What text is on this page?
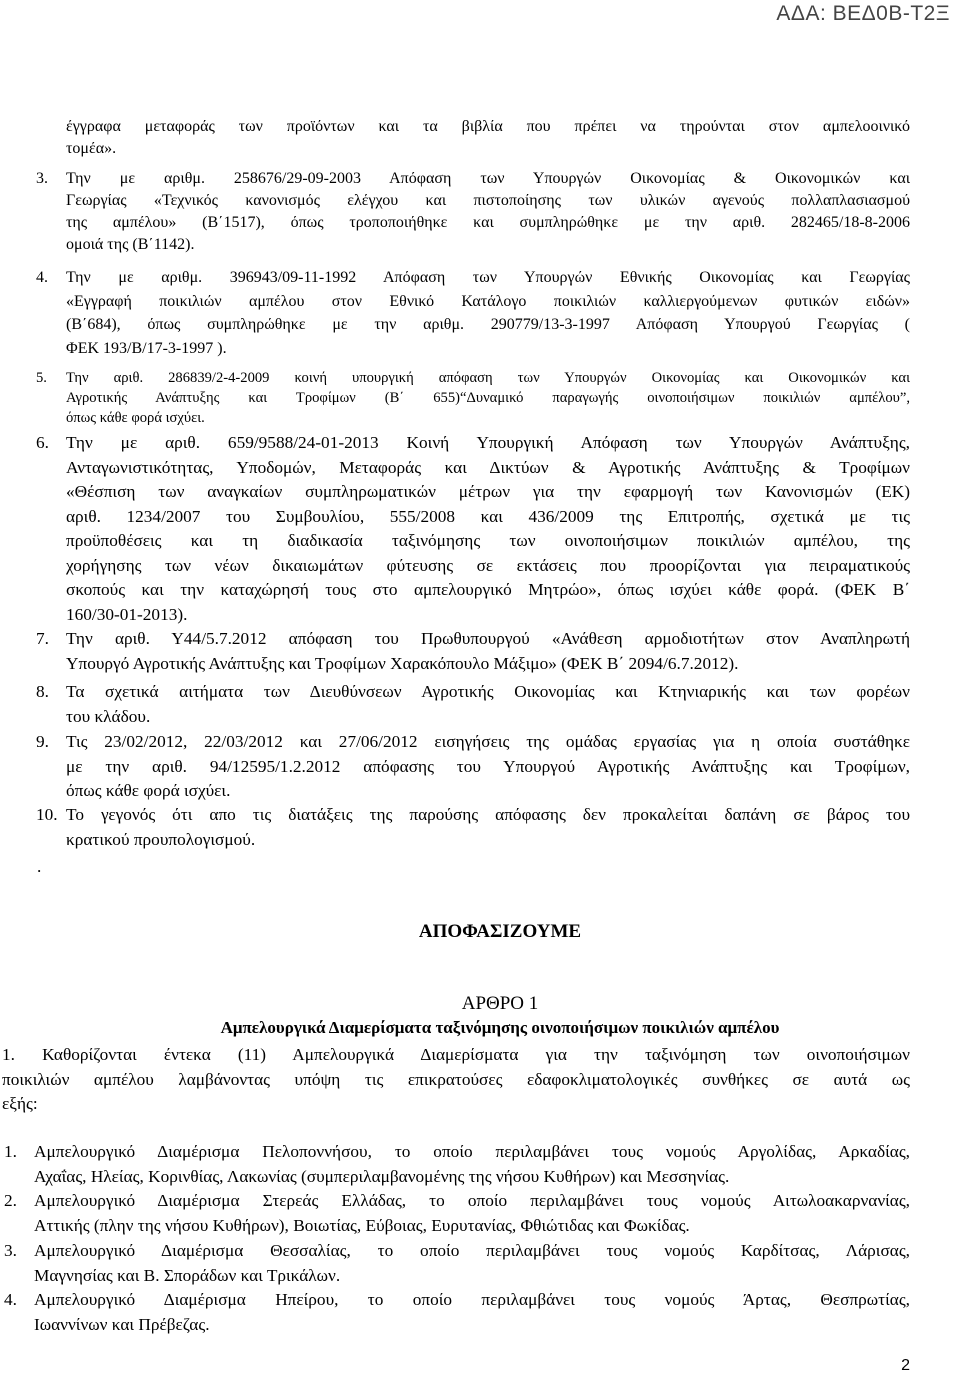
ΑΔΑ: ΒΕΔ0Β-Τ2Ξ
έγγραφα μεταφοράς των προϊόντων και τα βιβλία που πρέπει να τηρούνται στον αμπελοοινικό
τομέα».
3. Την με αριθμ. 258676/29-09-2003 Απόφαση των Υπουργών Οικονομίας & Οικονομικών και
Γεωργίας «Τεχνικός κανονισμός ελέγχου και πιστοποίησης των υλικών αγενούς πολλαπλασιασμού
της αμπέλου» (Β΄1517), όπως τροποποιήθηκε και συμπληρώθηκε με την αριθ. 282465/18-8-2006
ομοιά της (Β΄1142).
4. Την με αριθμ. 396943/09-11-1992 Απόφαση των Υπουργών Εθνικής Οικονομίας και Γεωργίας
«Εγγραφή ποικιλιών αμπέλου στον Εθνικό Κατάλογο ποικιλιών καλλιεργούμενων φυτικών ειδών»
(Β΄684), όπως συμπληρώθηκε με την αριθμ. 290779/13-3-1997 Απόφαση Υπουργού Γεωργίας (
ΦΕΚ 193/Β/17-3-1997 ).
5. Την αριθ. 286839/2-4-2009 κοινή υπουργική απόφαση των Υπουργών Οικονομίας και Οικονομικών και
Αγροτικής Ανάπτυξης και Τροφίμων (Β΄ 655)“Δυναμικό παραγωγής οινοποιήσιμων ποικιλιών αμπέλου”,
όπως κάθε φορά ισχύει.
6. Την με αριθ. 659/9588/24-01-2013 Κοινή Υπουργική Απόφαση των Υπουργών Ανάπτυξης,
Ανταγωνιστικότητας, Υποδομών, Μεταφοράς και Δικτύων & Αγροτικής Ανάπτυξης & Τροφίμων
«Θέσπιση των αναγκαίων συμπληρωματικών μέτρων για την εφαρμογή των Κανονισμών (ΕΚ)
αριθ. 1234/2007 του Συμβουλίου, 555/2008 και 436/2009 της Επιτροπής, σχετικά με τις
προϋποθέσεις και τη διαδικασία ταξινόμησης των οινοποιήσιμων ποικιλιών αμπέλου, της
χορήγησης των νέων δικαιωμάτων φύτευσης σε εκτάσεις που προορίζονται για πειραματικούς
σκοπούς και την καταχώρησή τους στο αμπελουργικό Μητρώο», όπως ισχύει κάθε φορά. (ΦΕΚ Β΄
160/30-01-2013).
7. Την αριθ. Υ44/5.7.2012 απόφαση του Πρωθυπουργού «Ανάθεση αρμοδιοτήτων στον Αναπληρωτή
Υπουργό Αγροτικής Ανάπτυξης και Τροφίμων Χαρακόπουλο Μάξιμο» (ΦΕΚ Β΄ 2094/6.7.2012).
8. Τα σχετικά αιτήματα των Διευθύνσεων Αγροτικής Οικονομίας και Κτηνιαρικής και των φορέων
του κλάδου.
9. Τις 23/02/2012, 22/03/2012 και 27/06/2012 εισηγήσεις της ομάδας εργασίας για η οποία συστάθηκε
με την αριθ. 94/12595/1.2.2012 απόφασης του Υπουργού Αγροτικής Ανάπτυξης και Τροφίμων,
όπως κάθε φορά ισχύει.
10. Το γεγονός ότι απο τις διατάξεις της παρούσης απόφασης δεν προκαλείται δαπάνη σε βάρος του
κρατικού προυπολογισμού.
.
ΑΠΟΦΑΣΙΖΟΥΜΕ
ΑΡΘΡΟ 1
Αμπελουργικά Διαμερίσματα ταξινόμησης οινοποιήσιμων ποικιλιών αμπέλου
1. Καθορίζονται έντεκα (11) Αμπελουργικά Διαμερίσματα για την ταξινόμηση των οινοποιήσιμων
ποικιλιών αμπέλου λαμβάνοντας υπόψη τις επικρατούσες εδαφοκλιματολογικές συνθήκες σε αυτά ως
εξής:
1. Αμπελουργικό Διαμέρισμα Πελοποννήσου, το οποίο περιλαμβάνει τους νομούς Αργολίδας, Αρκαδίας,
Αχαΐας, Ηλείας, Κορινθίας, Λακωνίας (συμπεριλαμβανομένης της νήσου Κυθήρων) και Μεσσηνίας.
2. Αμπελουργικό Διαμέρισμα Στερεάς Ελλάδας, το οποίο περιλαμβάνει τους νομούς Αιτωλοακαρνανίας,
Αττικής (πλην της νήσου Κυθήρων), Βοιωτίας, Εύβοιας, Ευρυτανίας, Φθιώτιδας και Φωκίδας.
3. Αμπελουργικό Διαμέρισμα Θεσσαλίας, το οποίο περιλαμβάνει τους νομούς Καρδίτσας, Λάρισας,
Μαγνησίας και Β. Σποράδων και Τρικάλων.
4. Αμπελουργικό Διαμέρισμα Ηπείρου, το οποίο περιλαμβάνει τους νομούς Άρτας, Θεσπρωτίας,
Ιωαννίνων και Πρέβεζας.
2
